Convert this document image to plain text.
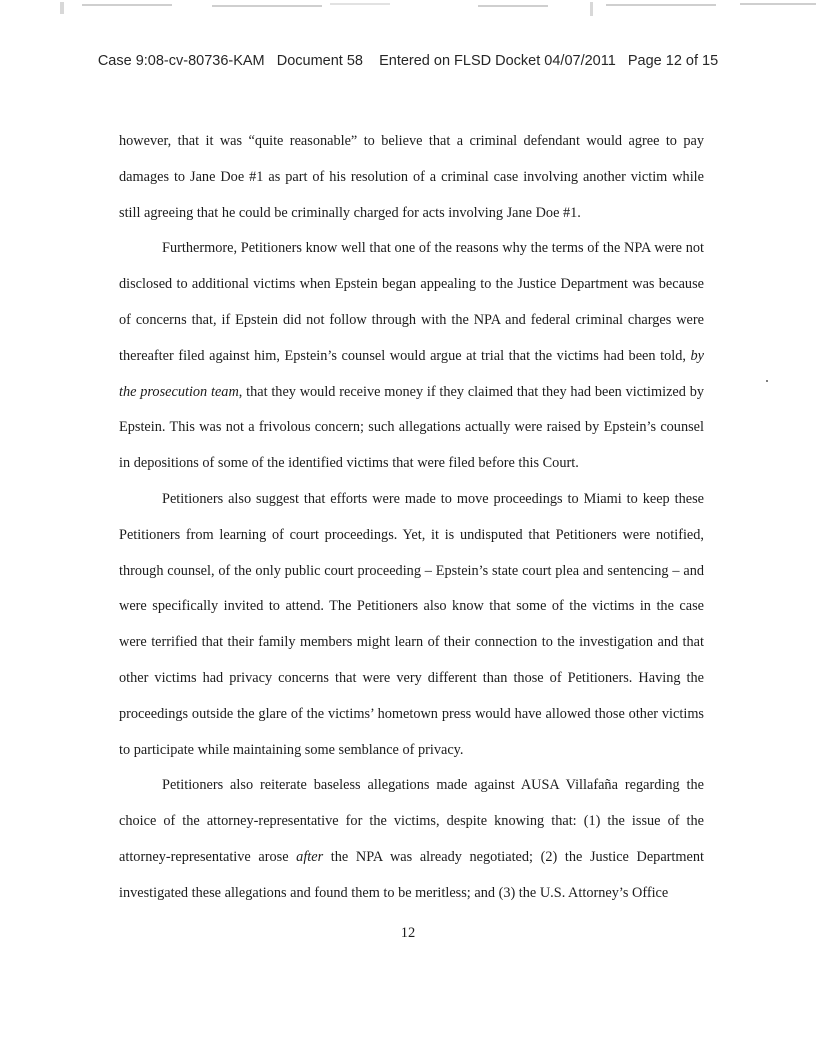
Case 9:08-cv-80736-KAM   Document 58    Entered on FLSD Docket 04/07/2011   Page 12 of 15

however, that it was “quite reasonable” to believe that a criminal defendant would agree to pay damages to Jane Doe #1 as part of his resolution of a criminal case involving another victim while still agreeing that he could be criminally charged for acts involving Jane Doe #1.

Furthermore, Petitioners know well that one of the reasons why the terms of the NPA were not disclosed to additional victims when Epstein began appealing to the Justice Department was because of concerns that, if Epstein did not follow through with the NPA and federal criminal charges were thereafter filed against him, Epstein’s counsel would argue at trial that the victims had been told, by the prosecution team, that they would receive money if they claimed that they had been victimized by Epstein. This was not a frivolous concern; such allegations actually were raised by Epstein’s counsel in depositions of some of the identified victims that were filed before this Court.

Petitioners also suggest that efforts were made to move proceedings to Miami to keep these Petitioners from learning of court proceedings. Yet, it is undisputed that Petitioners were notified, through counsel, of the only public court proceeding – Epstein’s state court plea and sentencing – and were specifically invited to attend. The Petitioners also know that some of the victims in the case were terrified that their family members might learn of their connection to the investigation and that other victims had privacy concerns that were very different than those of Petitioners. Having the proceedings outside the glare of the victims’ hometown press would have allowed those other victims to participate while maintaining some semblance of privacy.

Petitioners also reiterate baseless allegations made against AUSA Villafaña regarding the choice of the attorney-representative for the victims, despite knowing that: (1) the issue of the attorney-representative arose after the NPA was already negotiated; (2) the Justice Department investigated these allegations and found them to be meritless; and (3) the U.S. Attorney’s Office

12
